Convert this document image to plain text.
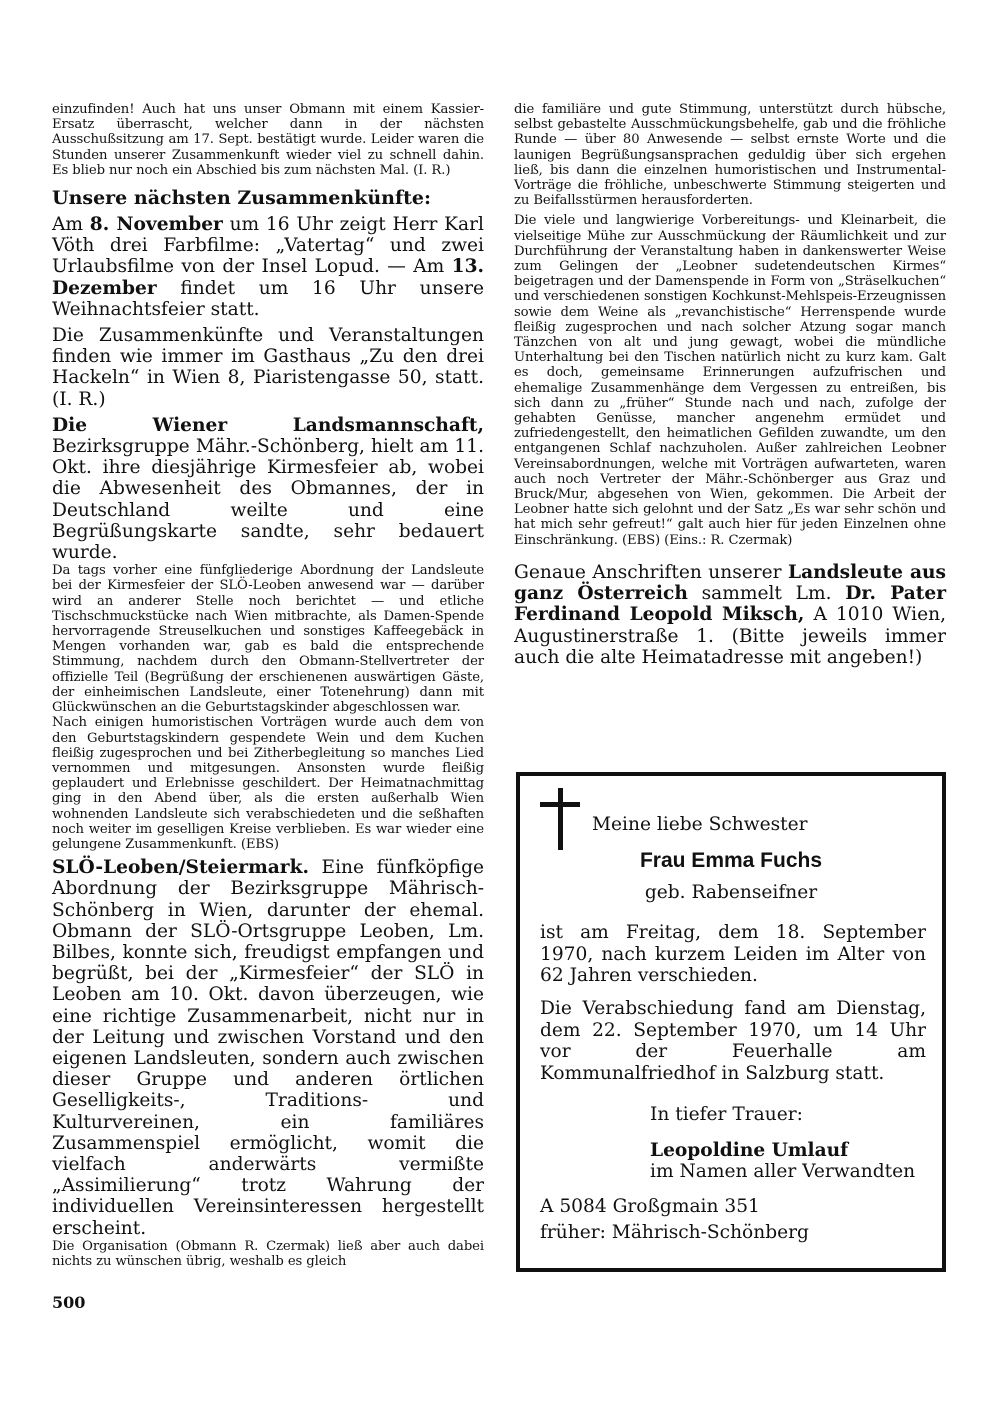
einzufinden! Auch hat uns unser Obmann mit einem Kassier-Ersatz überrascht, welcher dann in der nächsten Ausschußsitzung am 17. Sept. bestätigt wurde. Leider waren die Stunden unserer Zusammenkunft wieder viel zu schnell dahin. Es blieb nur noch ein Abschied bis zum nächsten Mal. (I. R.)

Unsere nächsten Zusammenkünfte:

Am 8. November um 16 Uhr zeigt Herr Karl Vöth drei Farbfilme: „Vatertag“ und zwei Urlaubsfilme von der Insel Lopud. — Am 13. Dezember findet um 16 Uhr unsere Weihnachtsfeier statt.

Die Zusammenkünfte und Veranstaltungen finden wie immer im Gasthaus „Zu den drei Hackeln“ in Wien 8, Piaristengasse 50, statt. (I. R.)

Die Wiener Landsmannschaft, Bezirksgruppe Mähr.-Schönberg, hielt am 11. Okt. ihre diesjährige Kirmesfeier ab, wobei die Abwesenheit des Obmannes, der in Deutschland weilte und eine Begrüßungskarte sandte, sehr bedauert wurde.

Da tags vorher eine fünfgliederige Abordnung der Landsleute bei der Kirmesfeier der SLÖ-Leoben anwesend war — darüber wird an anderer Stelle noch berichtet — und etliche Tischschmuckstücke nach Wien mitbrachte, als Damen-Spende hervorragende Streuselkuchen und sonstiges Kaffeegebäck in Mengen vorhanden war, gab es bald die entsprechende Stimmung, nachdem durch den Obmann-Stellvertreter der offizielle Teil (Begrüßung der erschienenen auswärtigen Gäste, der einheimischen Landsleute, einer Totenehrung) dann mit Glückwünschen an die Geburtstagskinder abgeschlossen war.

Nach einigen humoristischen Vorträgen wurde auch dem von den Geburtstagskindern gespendete Wein und dem Kuchen fleißig zugesprochen und bei Zitherbegleitung so manches Lied vernommen und mitgesungen. Ansonsten wurde fleißig geplaudert und Erlebnisse geschildert. Der Heimatnachmittag ging in den Abend über, als die ersten außerhalb Wien wohnenden Landsleute sich verabschiedeten und die seßhaften noch weiter im geselligen Kreise verblieben. Es war wieder eine gelungene Zusammenkunft. (EBS)

SLÖ-Leoben/Steiermark. Eine fünfköpfige Abordnung der Bezirksgruppe Mährisch-Schönberg in Wien, darunter der ehemal. Obmann der SLÖ-Ortsgruppe Leoben, Lm. Bilbes, konnte sich, freudigst empfangen und begrüßt, bei der „Kirmesfeier“ der SLÖ in Leoben am 10. Okt. davon überzeugen, wie eine richtige Zusammenarbeit, nicht nur in der Leitung und zwischen Vorstand und den eigenen Landsleuten, sondern auch zwischen dieser Gruppe und anderen örtlichen Geselligkeits-, Traditions- und Kulturvereinen, ein familiäres Zusammenspiel ermöglicht, womit die vielfach anderwärts vermißte „Assimilierung“ trotz Wahrung der individuellen Vereinsinteressen hergestellt erscheint.

Die Organisation (Obmann R. Czermak) ließ aber auch dabei nichts zu wünschen übrig, weshalb es gleich

die familiäre und gute Stimmung, unterstützt durch hübsche, selbst gebastelte Ausschmückungsbehelfe, gab und die fröhliche Runde — über 80 Anwesende — selbst ernste Worte und die launigen Begrüßungsansprachen geduldig über sich ergehen ließ, bis dann die einzelnen humoristischen und Instrumental-Vorträge die fröhliche, unbeschwerte Stimmung steigerten und zu Beifallsstürmen herausforderten.

Die viele und langwierige Vorbereitungs- und Kleinarbeit, die vielseitige Mühe zur Ausschmückung der Räumlichkeit und zur Durchführung der Veranstaltung haben in dankenswerter Weise zum Gelingen der „Leobner sudetendeutschen Kirmes“ beigetragen und der Damenspende in Form von „Sträselkuchen“ und verschiedenen sonstigen Kochkunst-Mehlspeis-Erzeugnissen sowie dem Weine als „revanchistische“ Herrenspende wurde fleißig zugesprochen und nach solcher Atzung sogar manch Tänzchen von alt und jung gewagt, wobei die mündliche Unterhaltung bei den Tischen natürlich nicht zu kurz kam. Galt es doch, gemeinsame Erinnerungen aufzufrischen und ehemalige Zusammenhänge dem Vergessen zu entreißen, bis sich dann zu „früher“ Stunde nach und nach, zufolge der gehabten Genüsse, mancher angenehm ermüdet und zufriedengestellt, den heimatlichen Gefilden zuwandte, um den entgangenen Schlaf nachzuholen. Außer zahlreichen Leobner Vereinsabordnungen, welche mit Vorträgen aufwarteten, waren auch noch Vertreter der Mähr.-Schönberger aus Graz und Bruck/Mur, abgesehen von Wien, gekommen. Die Arbeit der Leobner hatte sich gelohnt und der Satz „Es war sehr schön und hat mich sehr gefreut!“ galt auch hier für jeden Einzelnen ohne Einschränkung. (EBS) (Eins.: R. Czermak)

Genaue Anschriften unserer Landsleute aus ganz Österreich sammelt Lm. Dr. Pater Ferdinand Leopold Miksch, A 1010 Wien, Augustinerstraße 1. (Bitte jeweils immer auch die alte Heimatadresse mit angeben!)

Meine liebe Schwester
Frau Emma Fuchs
geb. Rabenseifner
ist am Freitag, dem 18. September 1970, nach kurzem Leiden im Alter von 62 Jahren verschieden.
Die Verabschiedung fand am Dienstag, dem 22. September 1970, um 14 Uhr vor der Feuerhalle am Kommunalfriedhof in Salzburg statt.
In tiefer Trauer:
Leopoldine Umlauf
im Namen aller Verwandten
A 5084 Großgmain 351
früher: Mährisch-Schönberg
500
